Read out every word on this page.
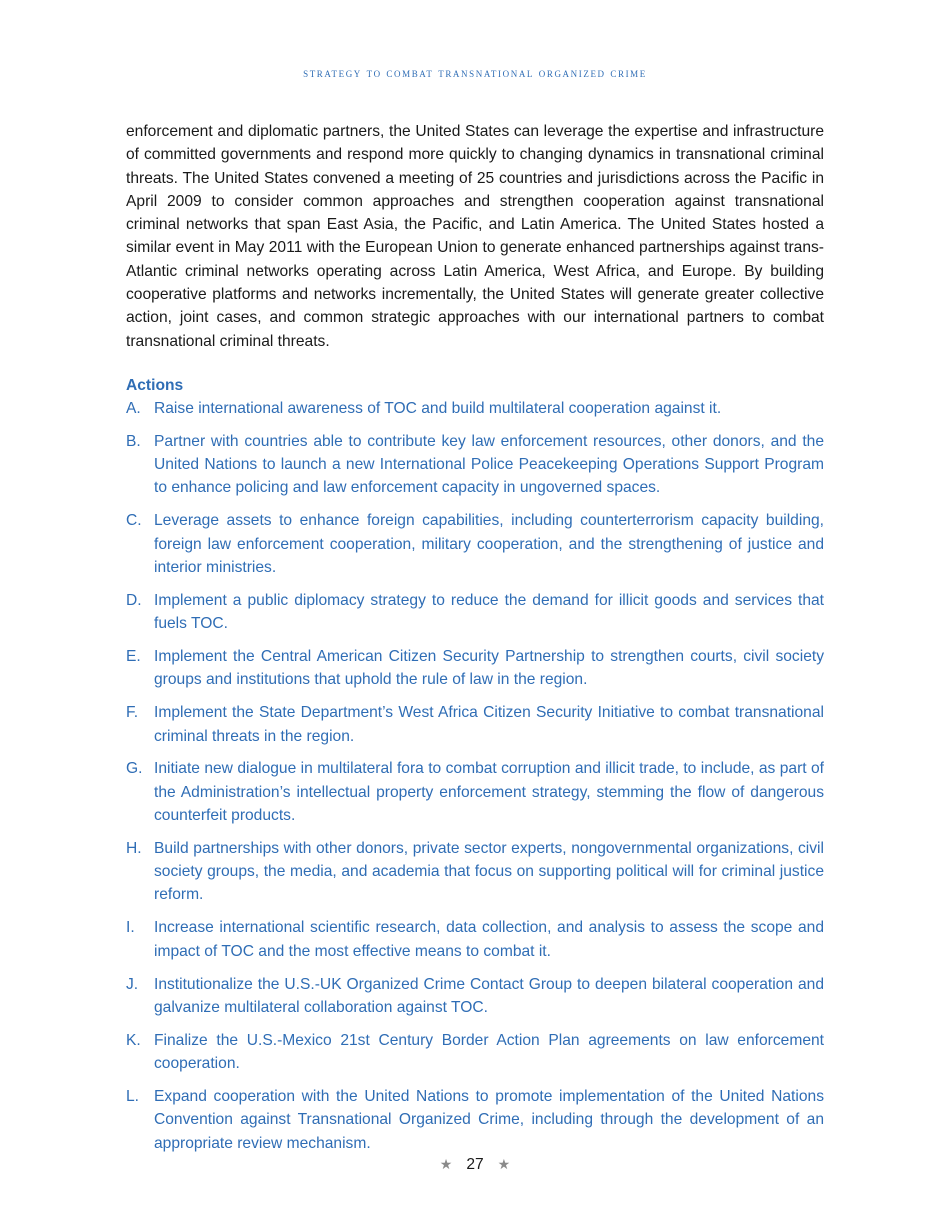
strategy to combat transnational organized crime

enforcement and diplomatic partners, the United States can leverage the expertise and infrastructure of committed governments and respond more quickly to changing dynamics in transnational criminal threats. The United States convened a meeting of 25 countries and jurisdictions across the Pacific in April 2009 to consider common approaches and strengthen cooperation against transnational criminal networks that span East Asia, the Pacific, and Latin America. The United States hosted a similar event in May 2011 with the European Union to generate enhanced partnerships against trans-Atlantic criminal networks operating across Latin America, West Africa, and Europe. By building cooperative platforms and networks incrementally, the United States will generate greater collective action, joint cases, and common strategic approaches with our international partners to combat transnational criminal threats.

Actions
A. Raise international awareness of TOC and build multilateral cooperation against it.
B. Partner with countries able to contribute key law enforcement resources, other donors, and the United Nations to launch a new International Police Peacekeeping Operations Support Program to enhance policing and law enforcement capacity in ungoverned spaces.
C. Leverage assets to enhance foreign capabilities, including counterterrorism capacity building, foreign law enforcement cooperation, military cooperation, and the strengthening of justice and interior ministries.
D. Implement a public diplomacy strategy to reduce the demand for illicit goods and services that fuels TOC.
E. Implement the Central American Citizen Security Partnership to strengthen courts, civil society groups and institutions that uphold the rule of law in the region.
F.	Implement the State Department’s West Africa Citizen Security Initiative to combat transnational criminal threats in the region.
G. Initiate new dialogue in multilateral fora to combat corruption and illicit trade, to include, as part of the Administration’s intellectual property enforcement strategy, stemming the flow of dangerous counterfeit products.
H. Build partnerships with other donors, private sector experts, nongovernmental organizations, civil society groups, the media, and academia that focus on supporting political will for criminal justice reform.
I.	Increase international scientific research, data collection, and analysis to assess the scope and impact of TOC and the most effective means to combat it.
J.	Institutionalize the U.S.-UK Organized Crime Contact Group to deepen bilateral cooperation and galvanize multilateral collaboration against TOC.
K. Finalize the U.S.-Mexico 21st Century Border Action Plan agreements on law enforcement cooperation.
L. Expand cooperation with the United Nations to promote implementation of the United Nations Convention against Transnational Organized Crime, including through the development of an appropriate review mechanism.
★ 27 ★
